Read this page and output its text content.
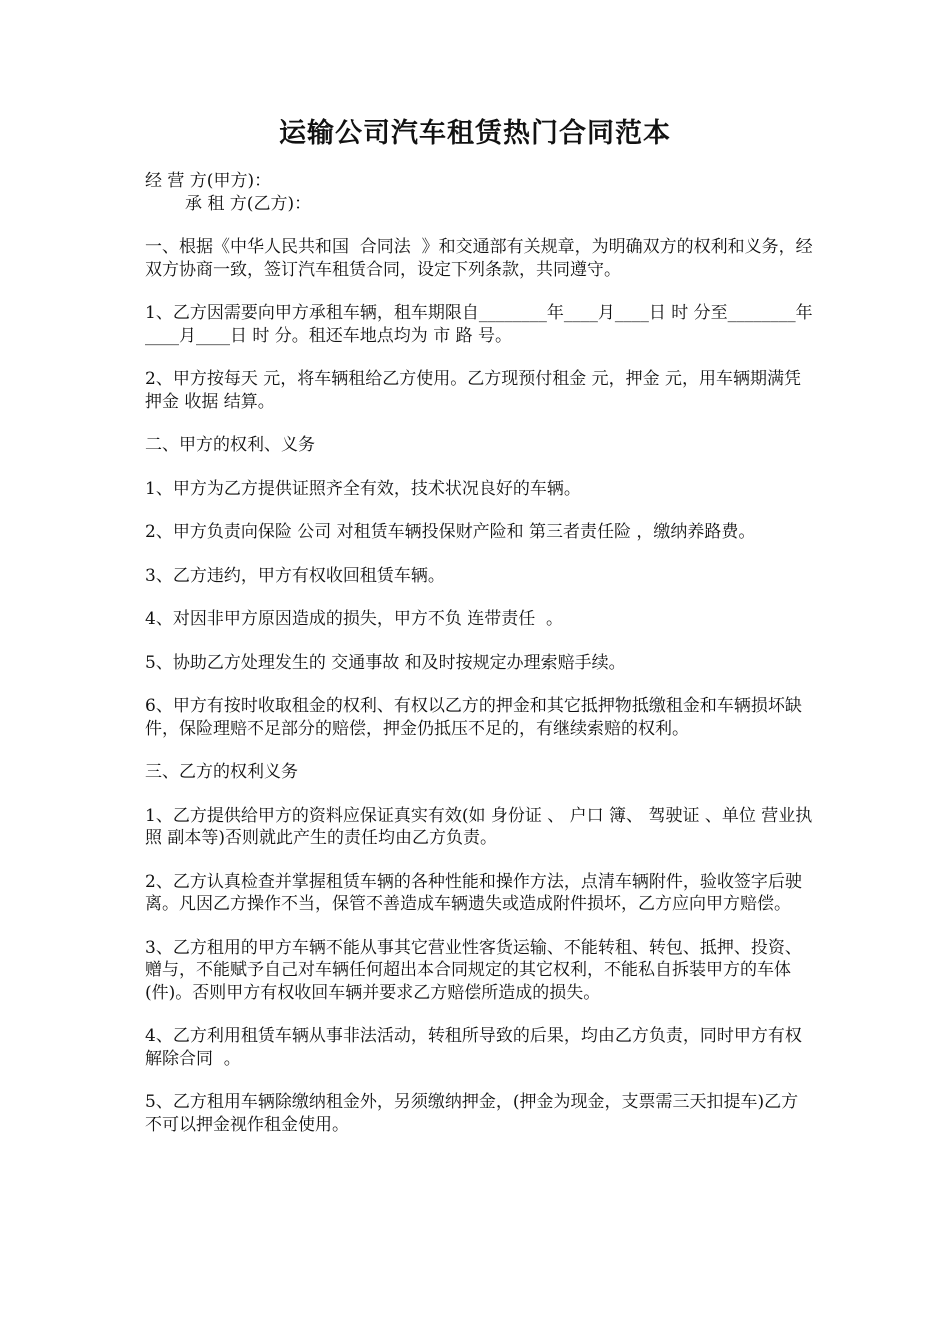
运输公司汽车租赁热门合同范本

经 营 方(甲方)：

承 租 方(乙方)：

一、根据《中华人民共和国  合同法  》和交通部有关规章，为明确双方的权利和义务，经双方协商一致，签订汽车租赁合同，设定下列条款，共同遵守。

1、乙方因需要向甲方承租车辆，租车期限自________年____月____日 时 分至________年____月____日 时 分。租还车地点均为 市 路 号。

2、甲方按每天 元，将车辆租给乙方使用。乙方现预付租金 元，押金 元，用车辆期满凭押金 收据 结算。

二、甲方的权利、义务

1、甲方为乙方提供证照齐全有效，技术状况良好的车辆。

2、甲方负责向保险 公司 对租赁车辆投保财产险和 第三者责任险 ，缴纳养路费。

3、乙方违约，甲方有权收回租赁车辆。

4、对因非甲方原因造成的损失，甲方不负 连带责任  。

5、协助乙方处理发生的 交通事故 和及时按规定办理索赔手续。

6、甲方有按时收取租金的权利、有权以乙方的押金和其它抵押物抵缴租金和车辆损坏缺件，保险理赔不足部分的赔偿，押金仍抵压不足的，有继续索赔的权利。

三、乙方的权利义务

1、乙方提供给甲方的资料应保证真实有效(如 身份证 、 户口 簿、 驾驶证 、单位 营业执照 副本等)否则就此产生的责任均由乙方负责。

2、乙方认真检查并掌握租赁车辆的各种性能和操作方法，点清车辆附件，验收签字后驶离。凡因乙方操作不当，保管不善造成车辆遗失或造成附件损坏，乙方应向甲方赔偿。

3、乙方租用的甲方车辆不能从事其它营业性客货运输、不能转租、转包、抵押、投资、赠与，不能赋予自己对车辆任何超出本合同规定的其它权利，不能私自拆装甲方的车体(件)。否则甲方有权收回车辆并要求乙方赔偿所造成的损失。

4、乙方利用租赁车辆从事非法活动，转租所导致的后果，均由乙方负责，同时甲方有权 解除合同  。

5、乙方租用车辆除缴纳租金外，另须缴纳押金，(押金为现金，支票需三天扣提车)乙方不可以押金视作租金使用。
